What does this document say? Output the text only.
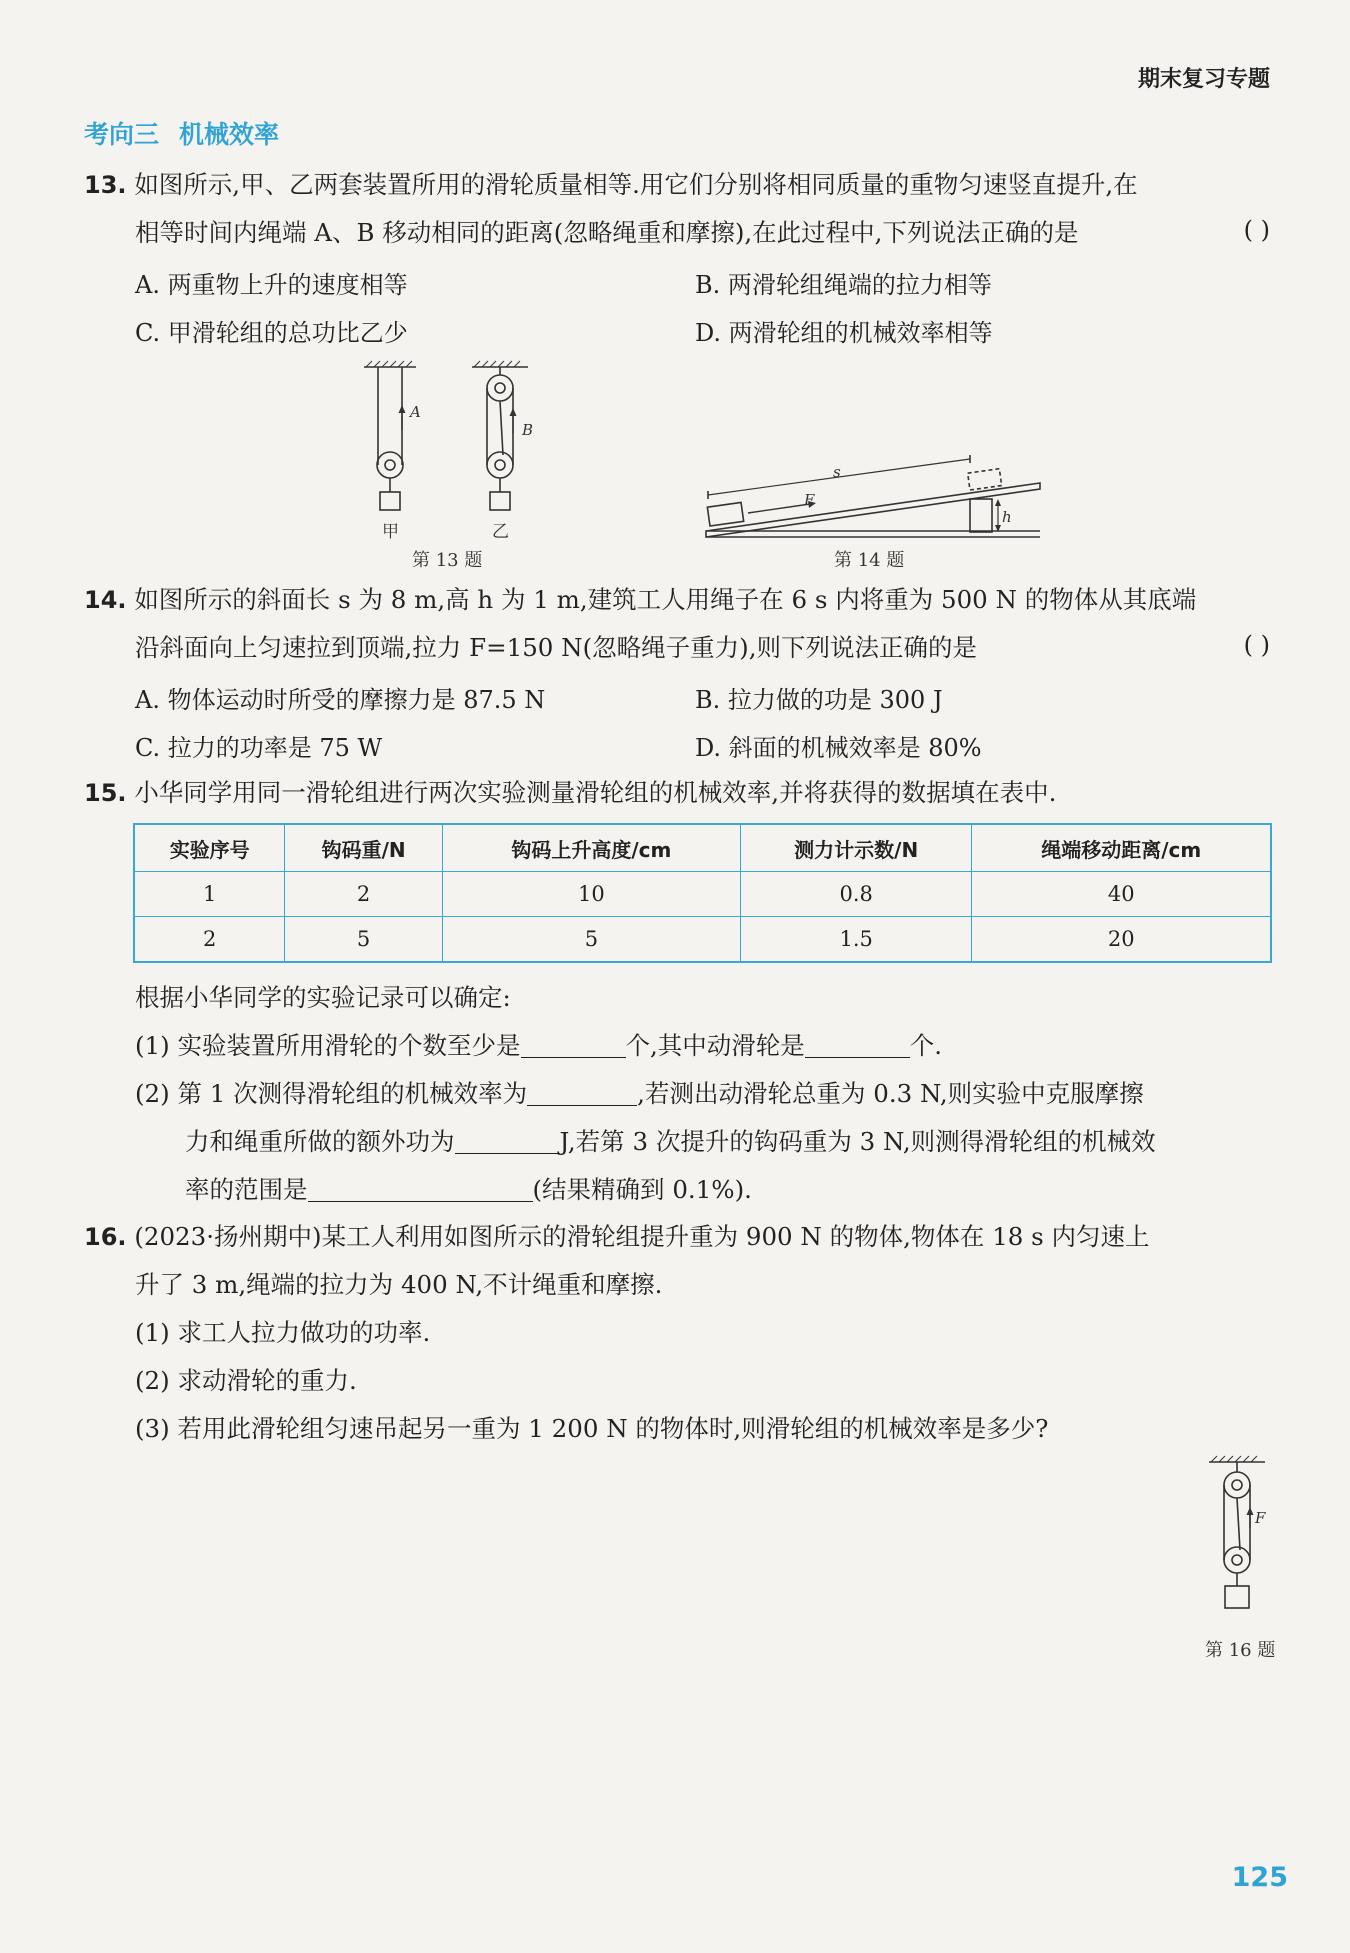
期末复习专题
考向三 机械效率
13. 如图所示,甲、乙两套装置所用的滑轮质量相等.用它们分别将相同质量的重物匀速竖直提升,在
相等时间内绳端 A、B 移动相同的距离(忽略绳重和摩擦),在此过程中,下列说法正确的是	( )
A. 两重物上升的速度相等	B. 两滑轮组绳端的拉力相等
C. 甲滑轮组的总功比乙少	D. 两滑轮组的机械效率相等
A
B
甲	乙
第 13 题
s
F
h
第 14 题
14. 如图所示的斜面长 s 为 8 m,高 h 为 1 m,建筑工人用绳子在 6 s 内将重为 500 N 的物体从其底端
沿斜面向上匀速拉到顶端,拉力 F=150 N(忽略绳子重力),则下列说法正确的是	( )
A. 物体运动时所受的摩擦力是 87.5 N	B. 拉力做的功是 300 J
C. 拉力的功率是 75 W	D. 斜面的机械效率是 80%
15. 小华同学用同一滑轮组进行两次实验测量滑轮组的机械效率,并将获得的数据填在表中.
实验序号	钩码重/N	钩码上升高度/cm	测力计示数/N	绳端移动距离/cm
1	2	10	0.8	40
2	5	5	1.5	20
根据小华同学的实验记录可以确定:
(1) 实验装置所用滑轮的个数至少是	个,其中动滑轮是	个.
(2) 第 1 次测得滑轮组的机械效率为	,若测出动滑轮总重为 0.3 N,则实验中克服摩擦
力和绳重所做的额外功为	J,若第 3 次提升的钩码重为 3 N,则测得滑轮组的机械效
率的范围是	(结果精确到 0.1%).
16. (2023·扬州期中)某工人利用如图所示的滑轮组提升重为 900 N 的物体,物体在 18 s 内匀速上
升了 3 m,绳端的拉力为 400 N,不计绳重和摩擦.
(1) 求工人拉力做功的功率.
(2) 求动滑轮的重力.
(3) 若用此滑轮组匀速吊起另一重为 1 200 N 的物体时,则滑轮组的机械效率是多少?
F
第 16 题
125
